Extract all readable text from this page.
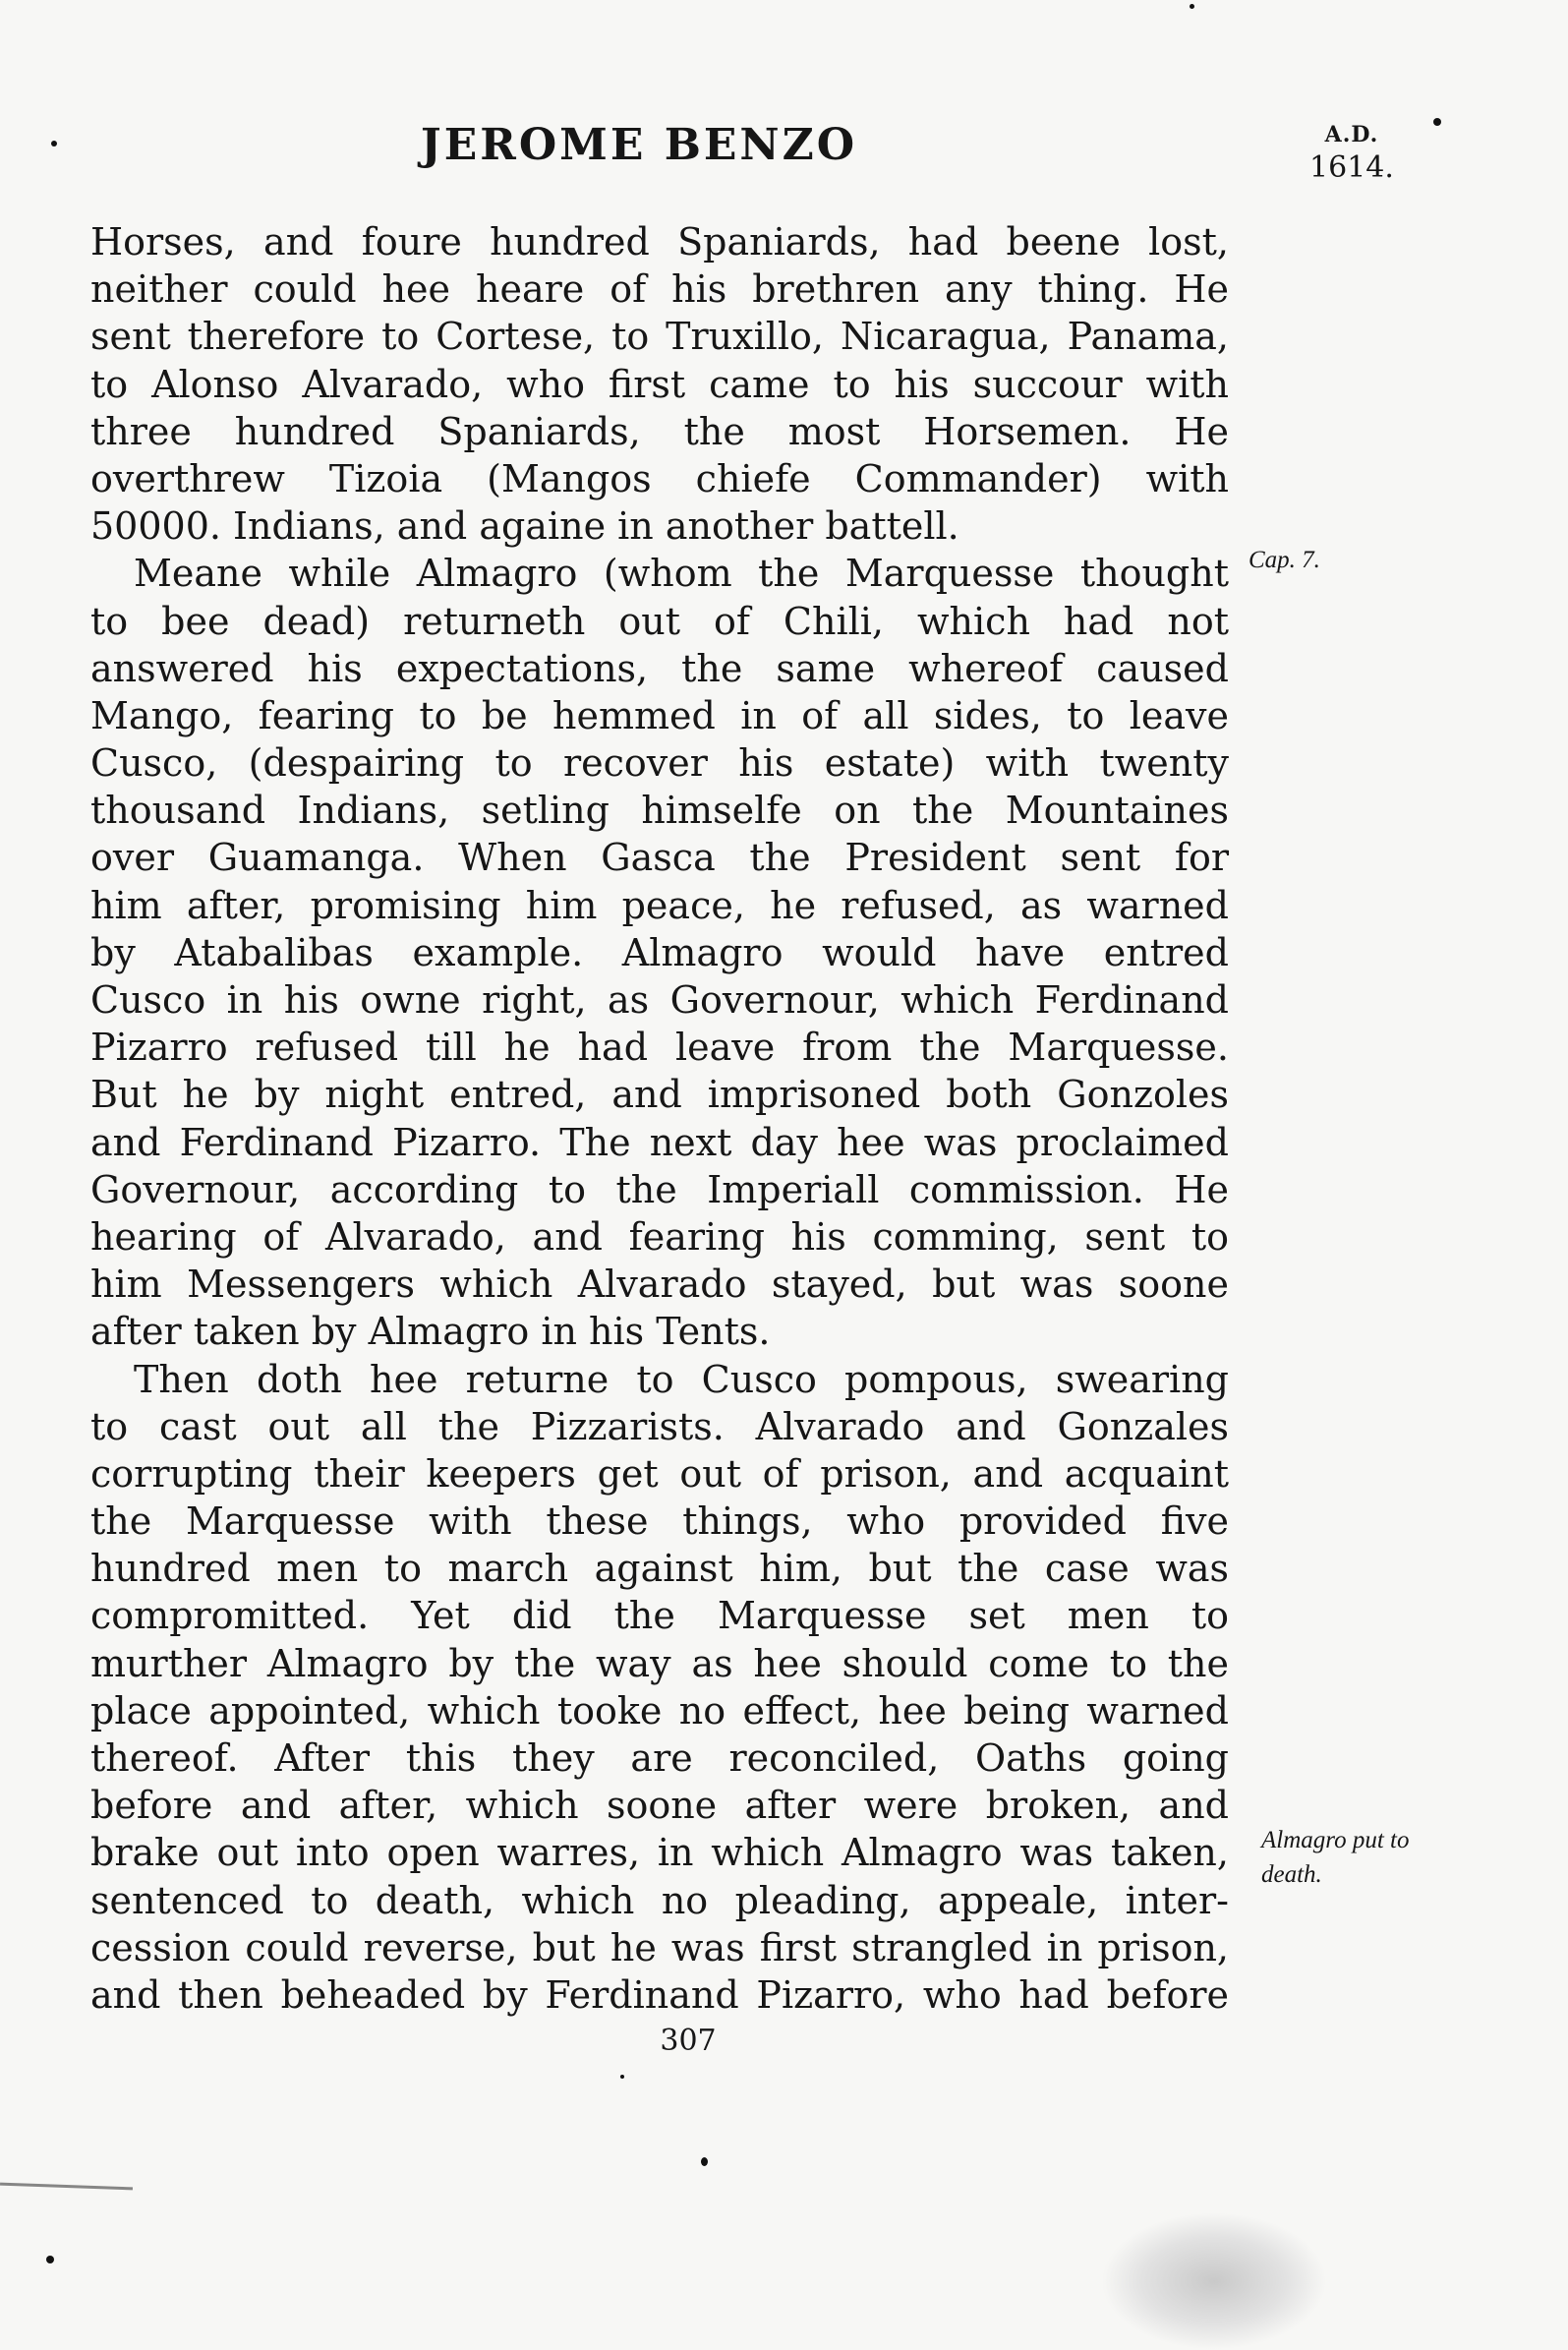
JEROME BENZO	A.D.
1614.
Horses, and foure hundred Spaniards, had beene lost,
neither could hee heare of his brethren any thing. He
sent therefore to Cortese, to Truxillo, Nicaragua, Panama,
to Alonso Alvarado, who first came to his succour with
three hundred Spaniards, the most Horsemen. He
overthrew Tizoia (Mangos chiefe Commander) with
50000. Indians, and againe in another battell.
Meane while Almagro (whom the Marquesse thought
to bee dead) returneth out of Chili, which had not
answered his expectations, the same whereof caused
Mango, fearing to be hemmed in of all sides, to leave
Cusco, (despairing to recover his estate) with twenty
thousand Indians, setling himselfe on the Mountaines
over Guamanga. When Gasca the President sent for
him after, promising him peace, he refused, as warned
by Atabalibas example. Almagro would have entred
Cusco in his owne right, as Governour, which Ferdinand
Pizarro refused till he had leave from the Marquesse.
But he by night entred, and imprisoned both Gonzoles
and Ferdinand Pizarro. The next day hee was proclaimed
Governour, according to the Imperiall commission. He
hearing of Alvarado, and fearing his comming, sent to
him Messengers which Alvarado stayed, but was soone
after taken by Almagro in his Tents.
Then doth hee returne to Cusco pompous, swearing
to cast out all the Pizzarists. Alvarado and Gonzales
corrupting their keepers get out of prison, and acquaint
the Marquesse with these things, who provided five
hundred men to march against him, but the case was
compromitted. Yet did the Marquesse set men to
murther Almagro by the way as hee should come to the
place appointed, which tooke no effect, hee being warned
thereof. After this they are reconciled, Oaths going
before and after, which soone after were broken, and
brake out into open warres, in which Almagro was taken,
sentenced to death, which no pleading, appeale, inter-
cession could reverse, but he was first strangled in prison,
and then beheaded by Ferdinand Pizarro, who had before
Cap. 7.
Almagro put to
death.
307
